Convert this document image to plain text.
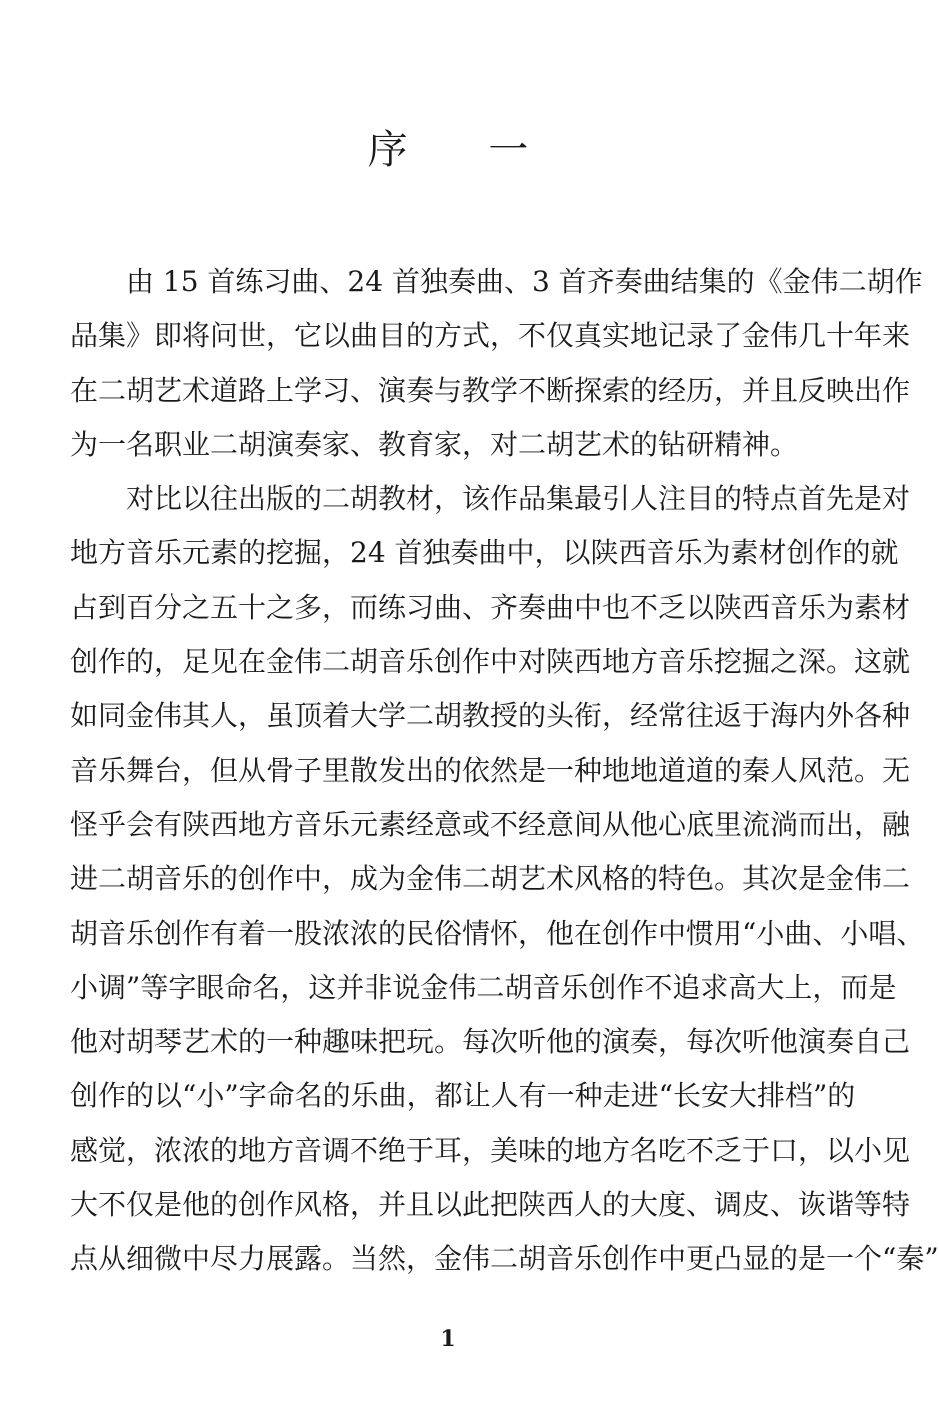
序 一
由 15 首练习曲、24 首独奏曲、3 首齐奏曲结集的《金伟二胡作
品集》即将问世，它以曲目的方式，不仅真实地记录了金伟几十年来
在二胡艺术道路上学习、演奏与教学不断探索的经历，并且反映出作
为一名职业二胡演奏家、教育家，对二胡艺术的钻研精神。
对比以往出版的二胡教材，该作品集最引人注目的特点首先是对
地方音乐元素的挖掘，24 首独奏曲中，以陕西音乐为素材创作的就
占到百分之五十之多，而练习曲、齐奏曲中也不乏以陕西音乐为素材
创作的，足见在金伟二胡音乐创作中对陕西地方音乐挖掘之深。这就
如同金伟其人，虽顶着大学二胡教授的头衔，经常往返于海内外各种
音乐舞台，但从骨子里散发出的依然是一种地地道道的秦人风范。无
怪乎会有陕西地方音乐元素经意或不经意间从他心底里流淌而出，融
进二胡音乐的创作中，成为金伟二胡艺术风格的特色。其次是金伟二
胡音乐创作有着一股浓浓的民俗情怀，他在创作中惯用“小曲、小唱、
小调”等字眼命名，这并非说金伟二胡音乐创作不追求高大上，而是
他对胡琴艺术的一种趣味把玩。每次听他的演奏，每次听他演奏自己
创作的以“小”字命名的乐曲，都让人有一种走进“长安大排档”的
感觉，浓浓的地方音调不绝于耳，美味的地方名吃不乏于口，以小见
大不仅是他的创作风格，并且以此把陕西人的大度、调皮、诙谐等特
点从细微中尽力展露。当然，金伟二胡音乐创作中更凸显的是一个“秦”
1
